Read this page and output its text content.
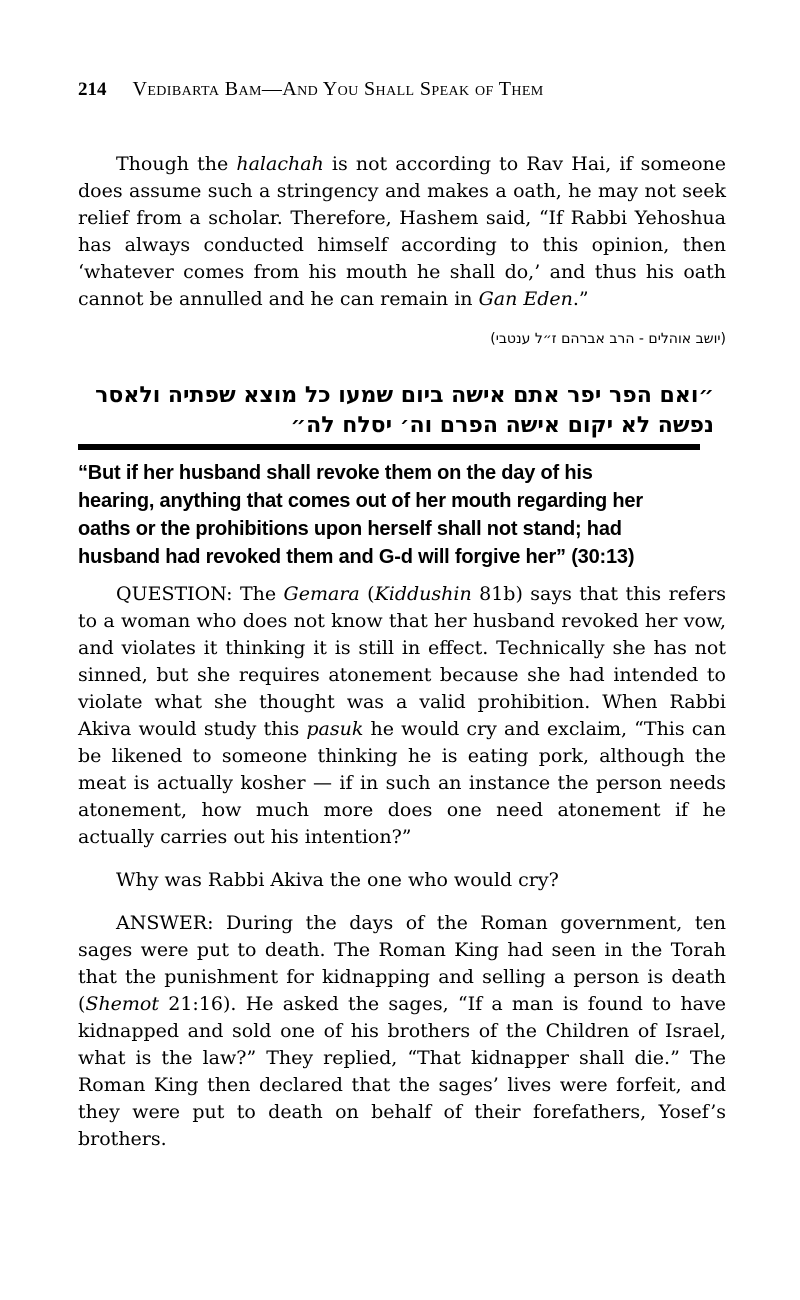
214 Vedibarta Bam—And You Shall Speak of Them

Though the halachah is not according to Rav Hai, if someone does assume such a stringency and makes a oath, he may not seek relief from a scholar. Therefore, Hashem said, “If Rabbi Yehoshua has always conducted himself according to this opinion, then ‘whatever comes from his mouth he shall do,’ and thus his oath cannot be annulled and he can remain in Gan Eden.”

(יושב אוהלים - הרב אברהם ז״ל ענטבי)
״ואם הפר יפר אתם אישה ביום שמעו כל מוצא שפתיה ולאסר
נפשה לא יקום אישה הפרם וה׳ יסלח לה״
“But if her husband shall revoke them on the day of his
hearing, anything that comes out of her mouth regarding her
oaths or the prohibitions upon herself shall not stand; had
husband had revoked them and G-d will forgive her” (30:13)

QUESTION: The Gemara (Kiddushin 81b) says that this refers to a woman who does not know that her husband revoked her vow, and violates it thinking it is still in effect. Technically she has not sinned, but she requires atonement because she had intended to violate what she thought was a valid prohibition. When Rabbi Akiva would study this pasuk he would cry and exclaim, “This can be likened to someone thinking he is eating pork, although the meat is actually kosher — if in such an instance the person needs atonement, how much more does one need atonement if he actually carries out his intention?”

Why was Rabbi Akiva the one who would cry?

ANSWER: During the days of the Roman government, ten sages were put to death. The Roman King had seen in the Torah that the punishment for kidnapping and selling a person is death (Shemot 21:16). He asked the sages, “If a man is found to have kidnapped and sold one of his brothers of the Children of Israel, what is the law?” They replied, “That kidnapper shall die.” The Roman King then declared that the sages’ lives were forfeit, and they were put to death on behalf of their forefathers, Yosef’s brothers.
